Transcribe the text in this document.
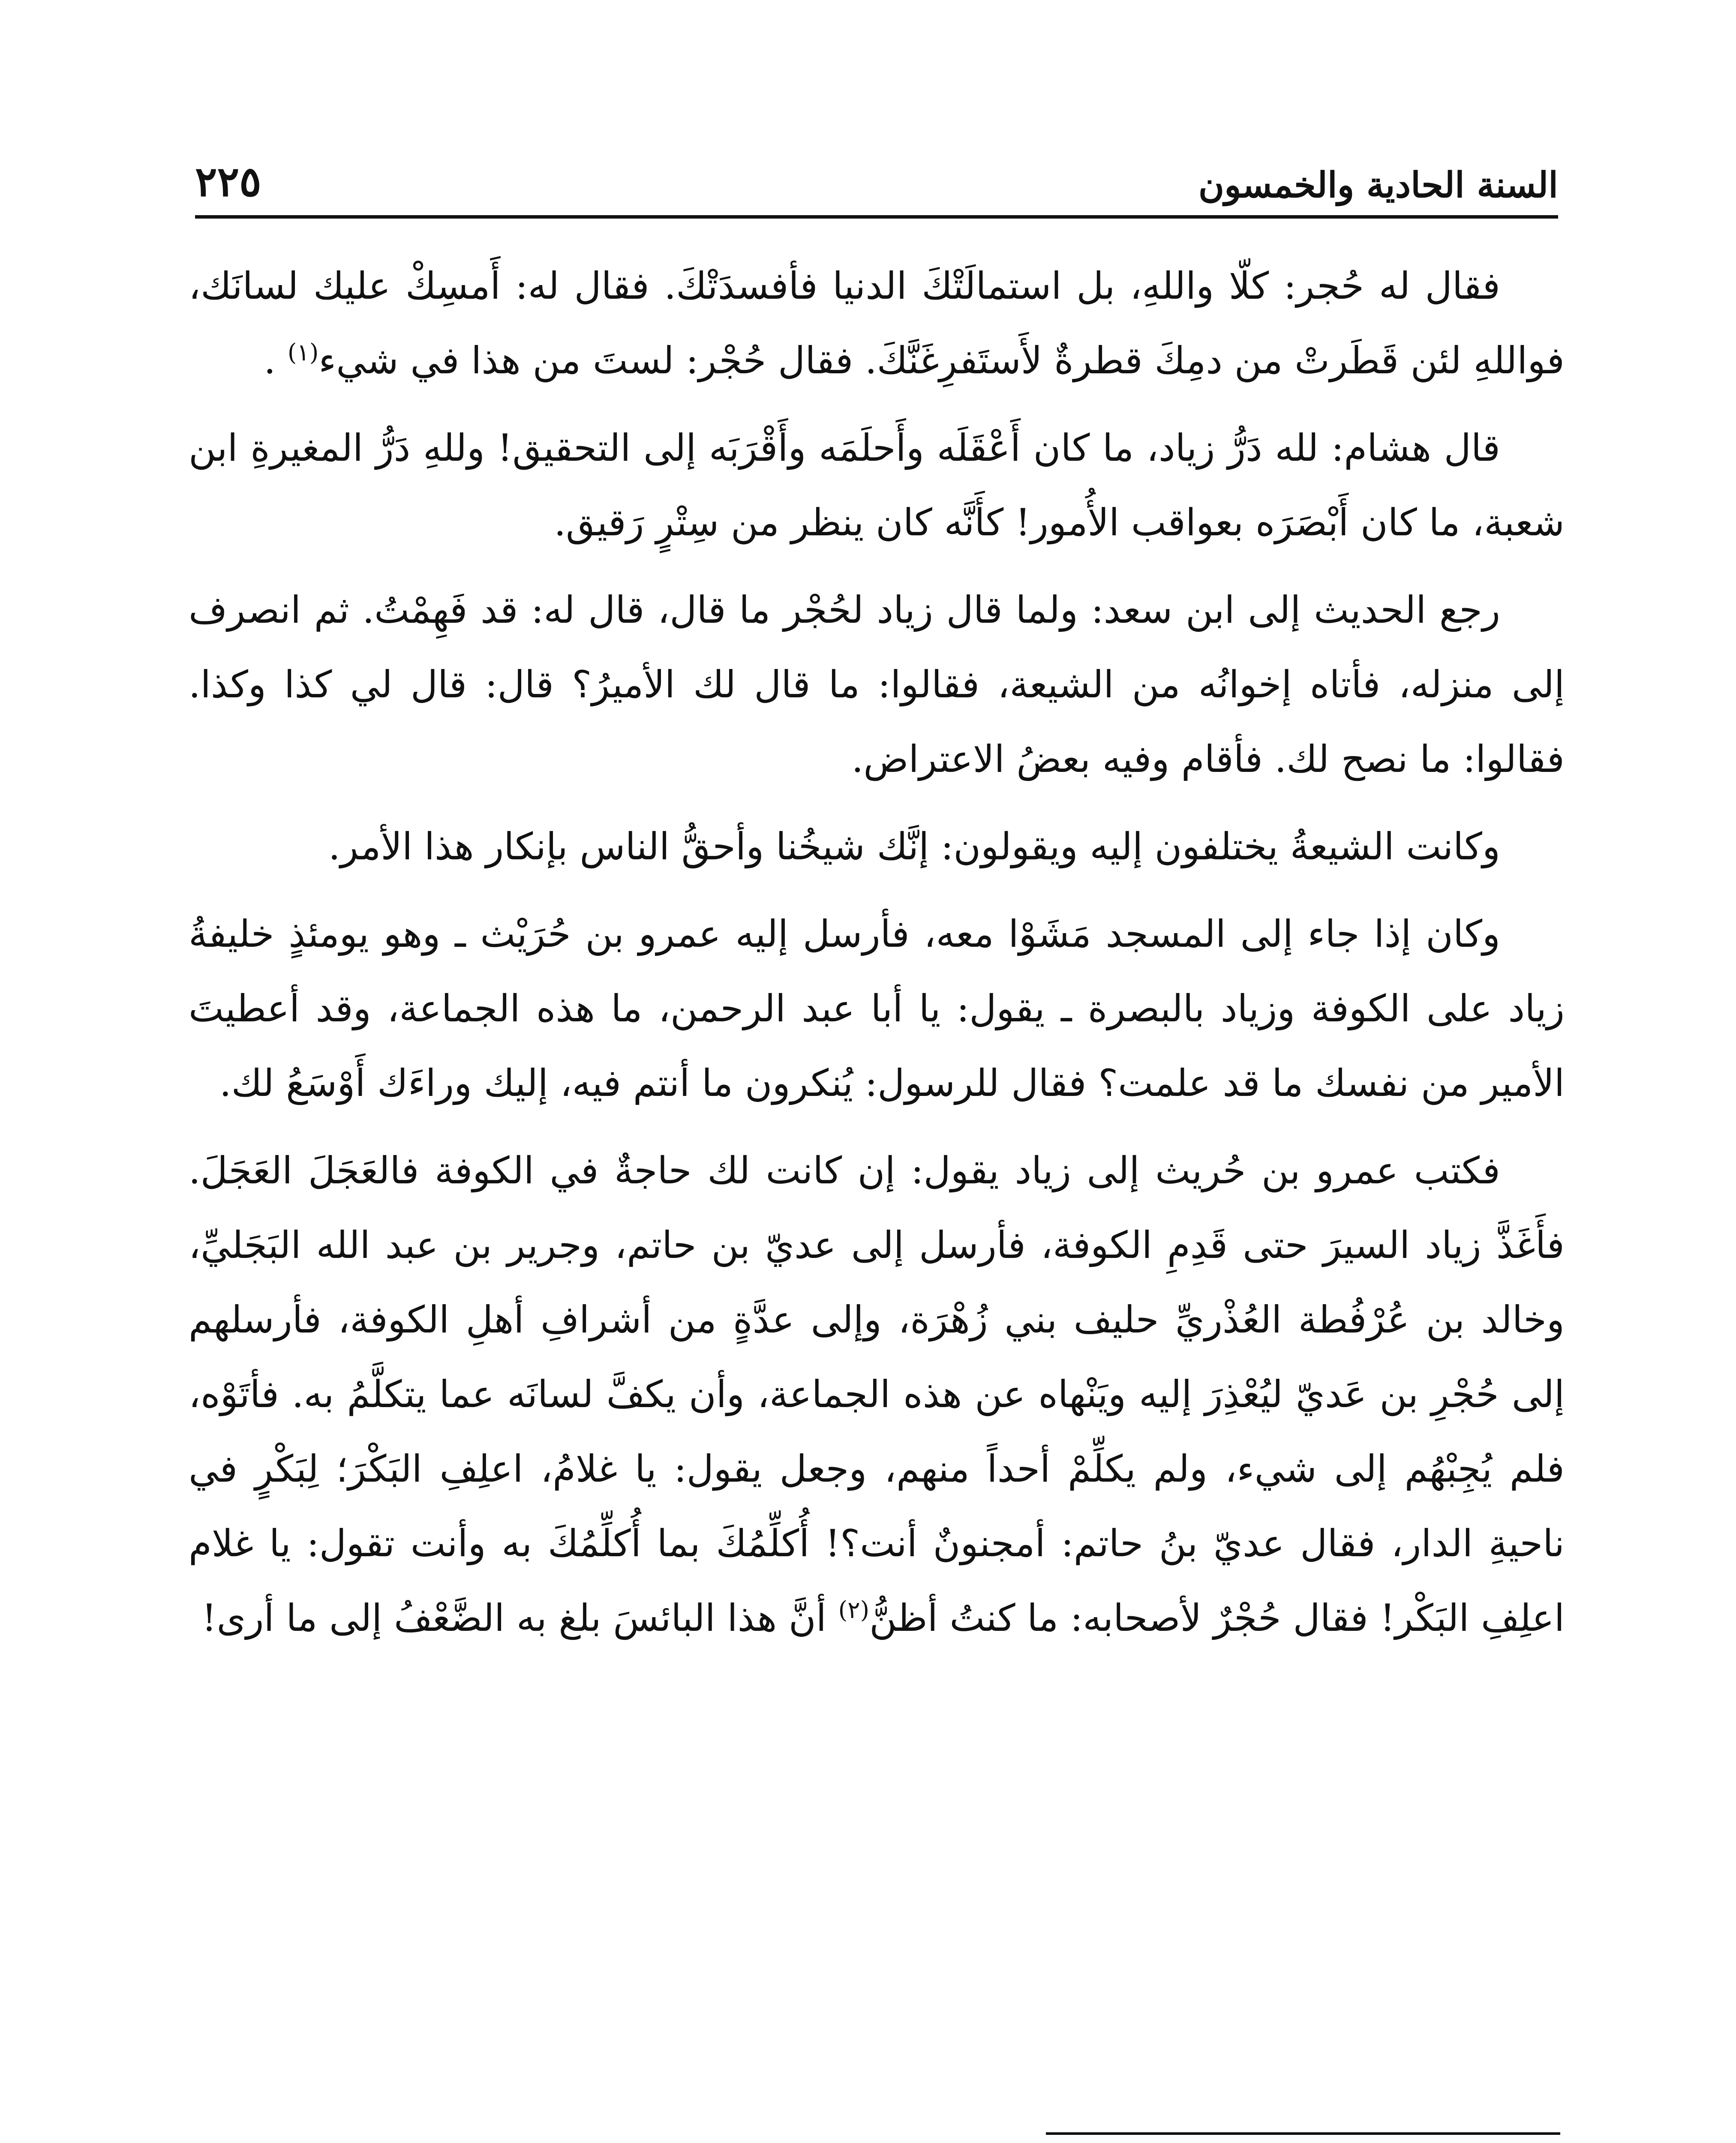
السنة الحادية والخمسون
٢٢٥

فقال له حُجر: كلّا واللهِ، بل استمالَتْكَ الدنيا فأفسدَتْكَ. فقال له: أَمسِكْ عليك لسانَك، فواللهِ لئن قَطَرتْ من دمِكَ قطرةٌ لأَستَفرِغَنَّكَ. فقال حُجْر: لستَ من هذا في شيء$^{(١)}$ .

قال هشام: لله دَرُّ زياد، ما كان أَعْقَلَه وأَحلَمَه وأَقْرَبَه إلى التحقيق! وللهِ دَرُّ المغيرةِ ابن شعبة، ما كان أَبْصَرَه بعواقب الأُمور! كأَنَّه كان ينظر من سِتْرٍ رَقيق.

رجع الحديث إلى ابن سعد: ولما قال زياد لحُجْر ما قال، قال له: قد فَهِمْتُ. ثم انصرف إلى منزله، فأتاه إخوانُه من الشيعة، فقالوا: ما قال لك الأميرُ؟ قال: قال لي كذا وكذا. فقالوا: ما نصح لك. فأقام وفيه بعضُ الاعتراض.

وكانت الشيعةُ يختلفون إليه ويقولون: إنَّك شيخُنا وأحقُّ الناس بإنكار هذا الأمر.

وكان إذا جاء إلى المسجد مَشَوْا معه، فأرسل إليه عمرو بن حُرَيْث ـ وهو يومئذٍ خليفةُ زياد على الكوفة وزياد بالبصرة ـ يقول: يا أبا عبد الرحمن، ما هذه الجماعة، وقد أعطيتَ الأمير من نفسك ما قد علمت؟ فقال للرسول: يُنكرون ما أنتم فيه، إليك وراءَك أَوْسَعُ لك.

فكتب عمرو بن حُريث إلى زياد يقول: إن كانت لك حاجةٌ في الكوفة فالعَجَلَ العَجَلَ. فأَغَذَّ زياد السيرَ حتى قَدِمِ الكوفة، فأرسل إلى عديّ بن حاتم، وجرير بن عبد الله البَجَليِّ، وخالد بن عُرْفُطة العُذْريِّ حليف بني زُهْرَة، وإلى عدَّةٍ من أشرافِ أهلِ الكوفة، فأرسلهم إلى حُجْرِ بن عَديّ ليُعْذِرَ إليه ويَنْهاه عن هذه الجماعة، وأن يكفَّ لسانَه عما يتكلَّمُ به. فأتَوْه، فلم يُجِبْهُم إلى شيء، ولم يكلِّمْ أحداً منهم، وجعل يقول: يا غلامُ، اعلِفِ البَكْرَ؛ لِبَكْرٍ في ناحيةِ الدار، فقال عديّ بنُ حاتم: أمجنونٌ أنت؟! أُكلِّمُكَ بما أُكلِّمُكَ به وأنت تقول: يا غلام اعلِفِ البَكْر! فقال حُجْرٌ لأصحابه: ما كنتُ أظنُّ$^{(٢)}$ أنَّ هذا البائسَ بلغ به الضَّعْفُ إلى ما أرى!
